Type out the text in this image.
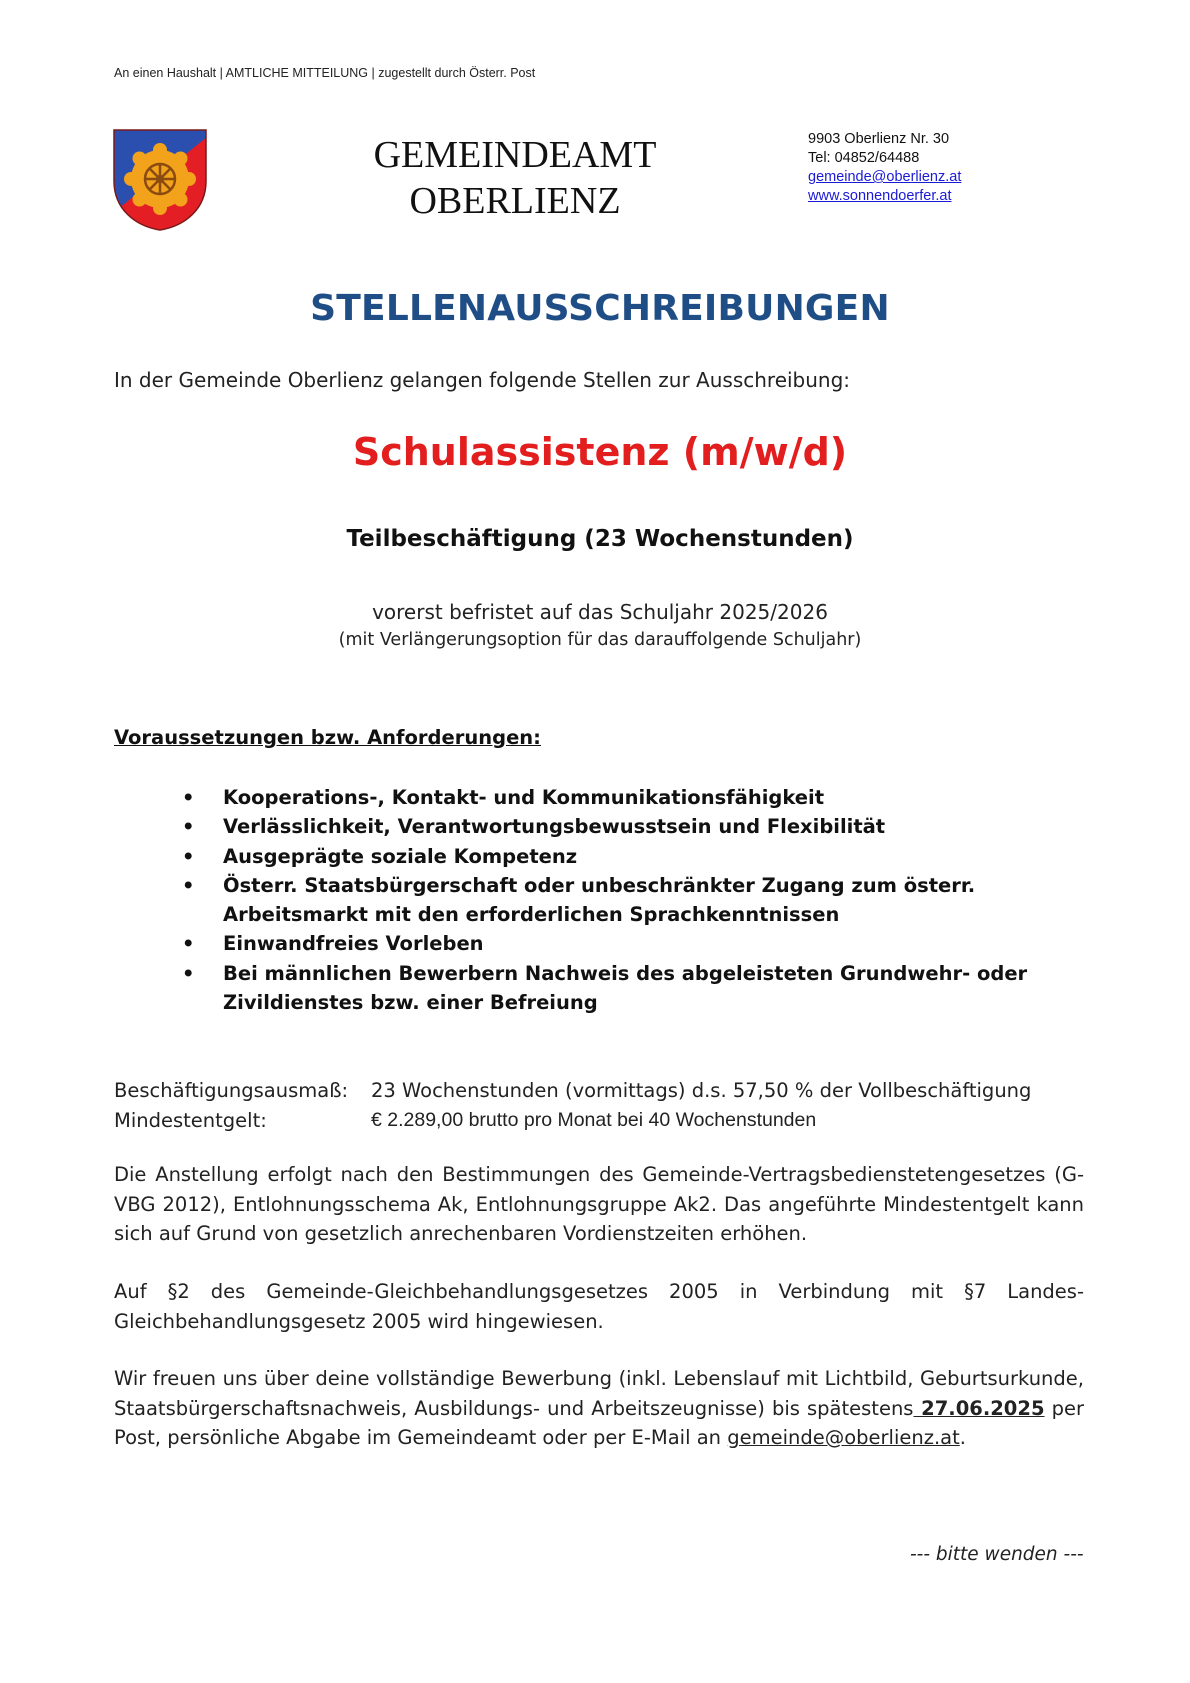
An einen Haushalt | AMTLICHE MITTEILUNG | zugestellt durch Österr. Post
GEMEINDEAMT
OBERLIENZ
9903 Oberlienz Nr. 30
Tel: 04852/64488
gemeinde@oberlienz.at
www.sonnendoerfer.at
STELLENAUSSCHREIBUNGEN
In der Gemeinde Oberlienz gelangen folgende Stellen zur Ausschreibung:
Schulassistenz (m/w/d)
Teilbeschäftigung (23 Wochenstunden)
vorerst befristet auf das Schuljahr 2025/2026
(mit Verlängerungsoption für das darauffolgende Schuljahr)
Voraussetzungen bzw. Anforderungen:
• Kooperations-, Kontakt- und Kommunikationsfähigkeit
• Verlässlichkeit, Verantwortungsbewusstsein und Flexibilität
• Ausgeprägte soziale Kompetenz
• Österr. Staatsbürgerschaft oder unbeschränkter Zugang zum österr. Arbeitsmarkt mit den erforderlichen Sprachkenntnissen
• Einwandfreies Vorleben
• Bei männlichen Bewerbern Nachweis des abgeleisteten Grundwehr- oder Zivildienstes bzw. einer Befreiung
Beschäftigungsausmaß:	23 Wochenstunden (vormittags) d.s. 57,50 % der Vollbeschäftigung
Mindestentgelt:	€ 2.289,00 brutto pro Monat bei 40 Wochenstunden
Die Anstellung erfolgt nach den Bestimmungen des Gemeinde-Vertragsbedienstetengesetzes (G-VBG 2012), Entlohnungsschema Ak, Entlohnungsgruppe Ak2. Das angeführte Mindestentgelt kann sich auf Grund von gesetzlich anrechenbaren Vordienstzeiten erhöhen.
Auf §2 des Gemeinde-Gleichbehandlungsgesetzes 2005 in Verbindung mit §7 Landes-Gleichbehandlungsgesetz 2005 wird hingewiesen.
Wir freuen uns über deine vollständige Bewerbung (inkl. Lebenslauf mit Lichtbild, Geburtsurkunde, Staatsbürgerschaftsnachweis, Ausbildungs- und Arbeitszeugnisse) bis spätestens 27.06.2025 per Post, persönliche Abgabe im Gemeindeamt oder per E-Mail an gemeinde@oberlienz.at.
--- bitte wenden ---
